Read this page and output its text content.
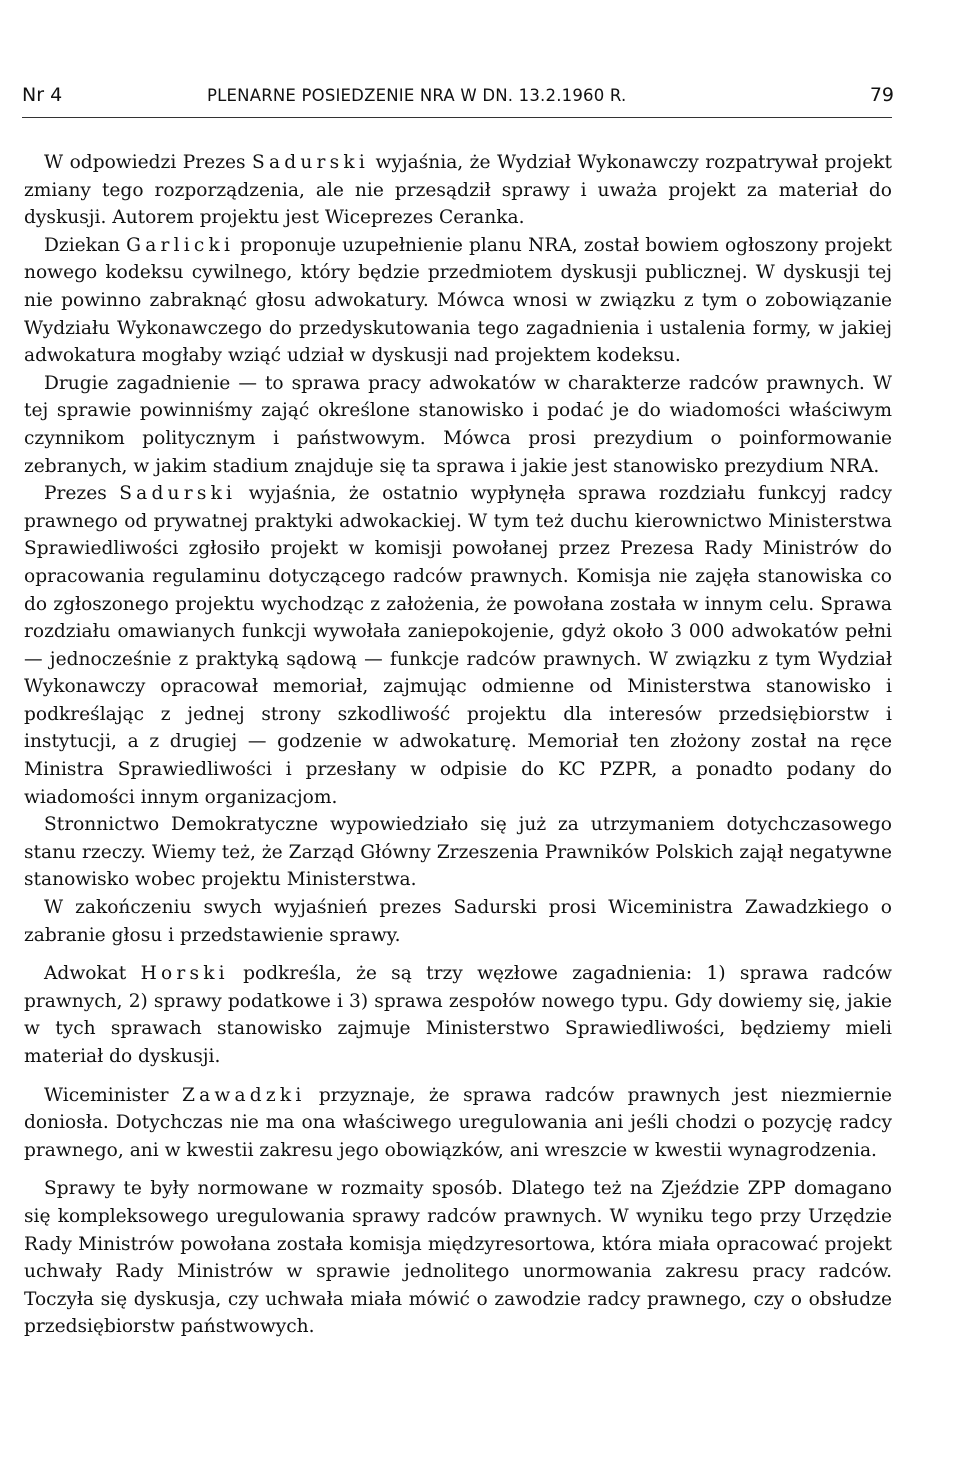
Nr 4	PLENARNE POSIEDZENIE NRA W DN. 13.2.1960 R.	79

W odpowiedzi Prezes Sadurski wyjaśnia, że Wydział Wykonawczy rozpatrywał projekt zmiany tego rozporządzenia, ale nie przesądził sprawy i uważa projekt za materiał do dyskusji. Autorem projektu jest Wiceprezes Ceranka.

Dziekan Garlicki proponuje uzupełnienie planu NRA, został bowiem ogłoszony projekt nowego kodeksu cywilnego, który będzie przedmiotem dyskusji publicznej. W dyskusji tej nie powinno zabraknąć głosu adwokatury. Mówca wnosi w związku z tym o zobowiązanie Wydziału Wykonawczego do przedyskutowania tego zagadnienia i ustalenia formy, w jakiej adwokatura mogłaby wziąć udział w dyskusji nad projektem kodeksu.

Drugie zagadnienie — to sprawa pracy adwokatów w charakterze radców prawnych. W tej sprawie powinniśmy zająć określone stanowisko i podać je do wiadomości właściwym czynnikom politycznym i państwowym. Mówca prosi prezydium o poinformowanie zebranych, w jakim stadium znajduje się ta sprawa i jakie jest stanowisko prezydium NRA.

Prezes Sadurski wyjaśnia, że ostatnio wypłynęła sprawa rozdziału funkcyj radcy prawnego od prywatnej praktyki adwokackiej. W tym też duchu kierownictwo Ministerstwa Sprawiedliwości zgłosiło projekt w komisji powołanej przez Prezesa Rady Ministrów do opracowania regulaminu dotyczącego radców prawnych. Komisja nie zajęła stanowiska co do zgłoszonego projektu wychodząc z założenia, że powołana została w innym celu. Sprawa rozdziału omawianych funkcji wywołała zaniepokojenie, gdyż około 3 000 adwokatów pełni — jednocześnie z praktyką sądową — funkcje radców prawnych. W związku z tym Wydział Wykonawczy opracował memoriał, zajmując odmienne od Ministerstwa stanowisko i podkreślając z jednej strony szkodliwość projektu dla interesów przedsiębiorstw i instytucji, a z drugiej — godzenie w adwokaturę. Memoriał ten złożony został na ręce Ministra Sprawiedliwości i przesłany w odpisie do KC PZPR, a ponadto podany do wiadomości innym organizacjom.

Stronnictwo Demokratyczne wypowiedziało się już za utrzymaniem dotychczasowego stanu rzeczy. Wiemy też, że Zarząd Główny Zrzeszenia Prawników Polskich zajął negatywne stanowisko wobec projektu Ministerstwa.

W zakończeniu swych wyjaśnień prezes Sadurski prosi Wiceministra Zawadzkiego o zabranie głosu i przedstawienie sprawy.

Adwokat Horski podkreśla, że są trzy węzłowe zagadnienia: 1) sprawa radców prawnych, 2) sprawy podatkowe i 3) sprawa zespołów nowego typu. Gdy dowiemy się, jakie w tych sprawach stanowisko zajmuje Ministerstwo Sprawiedliwości, będziemy mieli materiał do dyskusji.

Wiceminister Zawadzki przyznaje, że sprawa radców prawnych jest niezmiernie doniosła. Dotychczas nie ma ona właściwego uregulowania ani jeśli chodzi o pozycję radcy prawnego, ani w kwestii zakresu jego obowiązków, ani wreszcie w kwestii wynagrodzenia.

Sprawy te były normowane w rozmaity sposób. Dlatego też na Zjeździe ZPP domagano się kompleksowego uregulowania sprawy radców prawnych. W wyniku tego przy Urzędzie Rady Ministrów powołana została komisja międzyresortowa, która miała opracować projekt uchwały Rady Ministrów w sprawie jednolitego unormowania zakresu pracy radców. Toczyła się dyskusja, czy uchwała miała mówić o zawodzie radcy prawnego, czy o obsłudze przedsiębiorstw państwowych.
